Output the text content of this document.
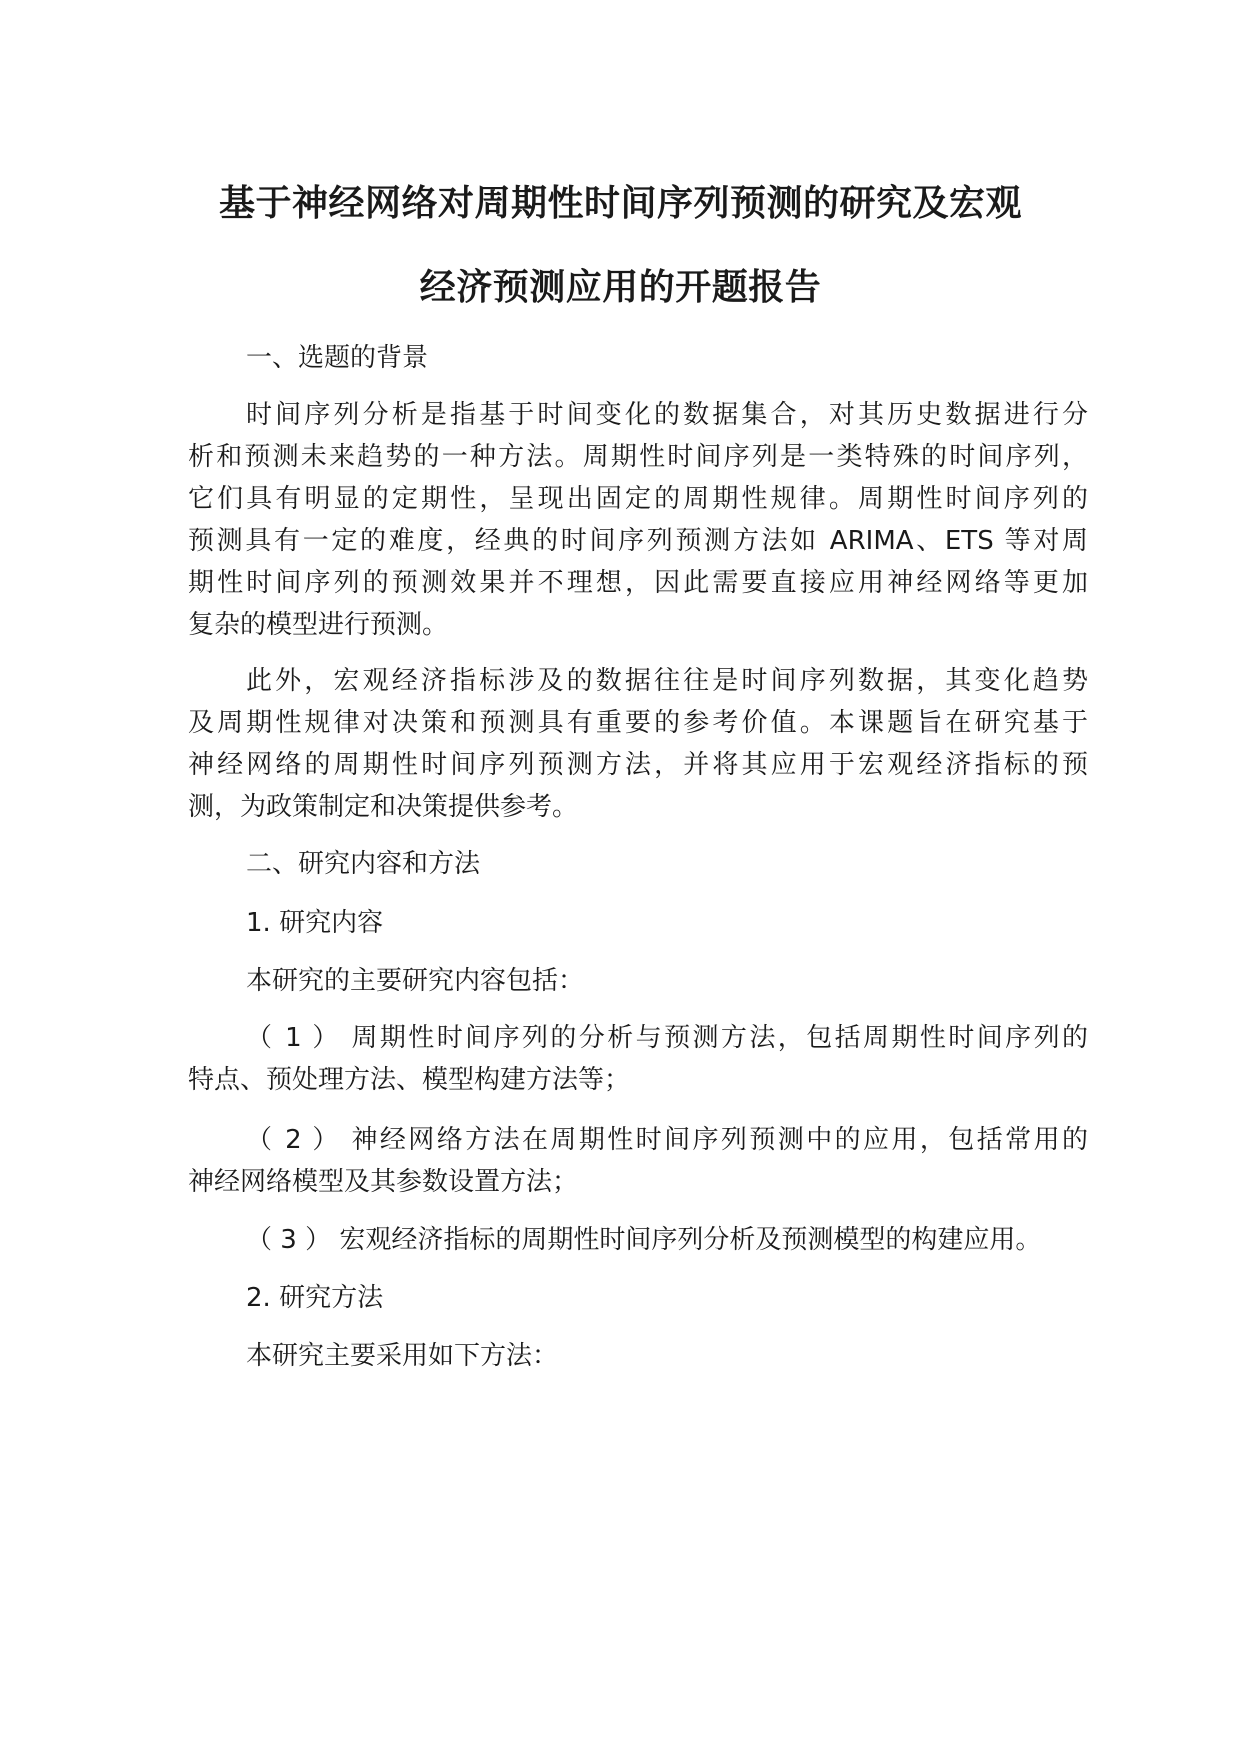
基于神经网络对周期性时间序列预测的研究及宏观
经济预测应用的开题报告
一、选题的背景
时间序列分析是指基于时间变化的数据集合，对其历史数据进行分
析和预测未来趋势的一种方法。周期性时间序列是一类特殊的时间序列，
它们具有明显的定期性，呈现出固定的周期性规律。周期性时间序列的
预测具有一定的难度，经典的时间序列预测方法如 ARIMA、ETS 等对周
期性时间序列的预测效果并不理想，因此需要直接应用神经网络等更加
复杂的模型进行预测。
此外，宏观经济指标涉及的数据往往是时间序列数据，其变化趋势
及周期性规律对决策和预测具有重要的参考价值。本课题旨在研究基于
神经网络的周期性时间序列预测方法，并将其应用于宏观经济指标的预
测，为政策制定和决策提供参考。
二、研究内容和方法
1. 研究内容
本研究的主要研究内容包括：
（ 1 ） 周期性时间序列的分析与预测方法，包括周期性时间序列的
特点、预处理方法、模型构建方法等；
（ 2 ） 神经网络方法在周期性时间序列预测中的应用，包括常用的
神经网络模型及其参数设置方法；
（ 3 ） 宏观经济指标的周期性时间序列分析及预测模型的构建应用。
2. 研究方法
本研究主要采用如下方法：
